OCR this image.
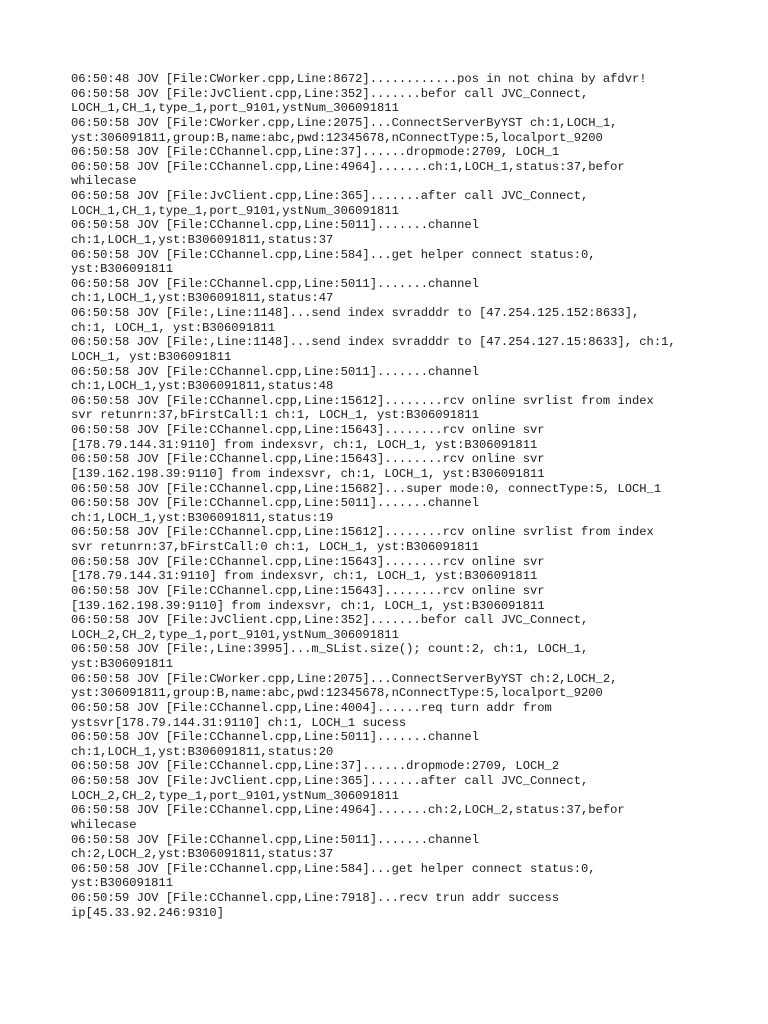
06:50:48 JOV [File:CWorker.cpp,Line:8672]............pos in not china by afdvr!
06:50:58 JOV [File:JvClient.cpp,Line:352].......befor call JVC_Connect,
LOCH_1,CH_1,type_1,port_9101,ystNum_306091811
06:50:58 JOV [File:CWorker.cpp,Line:2075]...ConnectServerByYST ch:1,LOCH_1,
yst:306091811,group:B,name:abc,pwd:12345678,nConnectType:5,localport_9200
06:50:58 JOV [File:CChannel.cpp,Line:37]......dropmode:2709, LOCH_1
06:50:58 JOV [File:CChannel.cpp,Line:4964].......ch:1,LOCH_1,status:37,befor
whilecase
06:50:58 JOV [File:JvClient.cpp,Line:365].......after call JVC_Connect,
LOCH_1,CH_1,type_1,port_9101,ystNum_306091811
06:50:58 JOV [File:CChannel.cpp,Line:5011].......channel
ch:1,LOCH_1,yst:B306091811,status:37
06:50:58 JOV [File:CChannel.cpp,Line:584]...get helper connect status:0,
yst:B306091811
06:50:58 JOV [File:CChannel.cpp,Line:5011].......channel
ch:1,LOCH_1,yst:B306091811,status:47
06:50:58 JOV [File:,Line:1148]...send index svradddr to [47.254.125.152:8633],
ch:1, LOCH_1, yst:B306091811
06:50:58 JOV [File:,Line:1148]...send index svradddr to [47.254.127.15:8633], ch:1,
LOCH_1, yst:B306091811
06:50:58 JOV [File:CChannel.cpp,Line:5011].......channel
ch:1,LOCH_1,yst:B306091811,status:48
06:50:58 JOV [File:CChannel.cpp,Line:15612]........rcv online svrlist from index
svr retunrn:37,bFirstCall:1 ch:1, LOCH_1, yst:B306091811
06:50:58 JOV [File:CChannel.cpp,Line:15643]........rcv online svr
[178.79.144.31:9110] from indexsvr, ch:1, LOCH_1, yst:B306091811
06:50:58 JOV [File:CChannel.cpp,Line:15643]........rcv online svr
[139.162.198.39:9110] from indexsvr, ch:1, LOCH_1, yst:B306091811
06:50:58 JOV [File:CChannel.cpp,Line:15682]...super mode:0, connectType:5, LOCH_1
06:50:58 JOV [File:CChannel.cpp,Line:5011].......channel
ch:1,LOCH_1,yst:B306091811,status:19
06:50:58 JOV [File:CChannel.cpp,Line:15612]........rcv online svrlist from index
svr retunrn:37,bFirstCall:0 ch:1, LOCH_1, yst:B306091811
06:50:58 JOV [File:CChannel.cpp,Line:15643]........rcv online svr
[178.79.144.31:9110] from indexsvr, ch:1, LOCH_1, yst:B306091811
06:50:58 JOV [File:CChannel.cpp,Line:15643]........rcv online svr
[139.162.198.39:9110] from indexsvr, ch:1, LOCH_1, yst:B306091811
06:50:58 JOV [File:JvClient.cpp,Line:352].......befor call JVC_Connect,
LOCH_2,CH_2,type_1,port_9101,ystNum_306091811
06:50:58 JOV [File:,Line:3995]...m_SList.size(); count:2, ch:1, LOCH_1,
yst:B306091811
06:50:58 JOV [File:CWorker.cpp,Line:2075]...ConnectServerByYST ch:2,LOCH_2,
yst:306091811,group:B,name:abc,pwd:12345678,nConnectType:5,localport_9200
06:50:58 JOV [File:CChannel.cpp,Line:4004]......req turn addr from
ystsvr[178.79.144.31:9110] ch:1, LOCH_1 sucess
06:50:58 JOV [File:CChannel.cpp,Line:5011].......channel
ch:1,LOCH_1,yst:B306091811,status:20
06:50:58 JOV [File:CChannel.cpp,Line:37]......dropmode:2709, LOCH_2
06:50:58 JOV [File:JvClient.cpp,Line:365].......after call JVC_Connect,
LOCH_2,CH_2,type_1,port_9101,ystNum_306091811
06:50:58 JOV [File:CChannel.cpp,Line:4964].......ch:2,LOCH_2,status:37,befor
whilecase
06:50:58 JOV [File:CChannel.cpp,Line:5011].......channel
ch:2,LOCH_2,yst:B306091811,status:37
06:50:58 JOV [File:CChannel.cpp,Line:584]...get helper connect status:0,
yst:B306091811
06:50:59 JOV [File:CChannel.cpp,Line:7918]...recv trun addr success
ip[45.33.92.246:9310]
